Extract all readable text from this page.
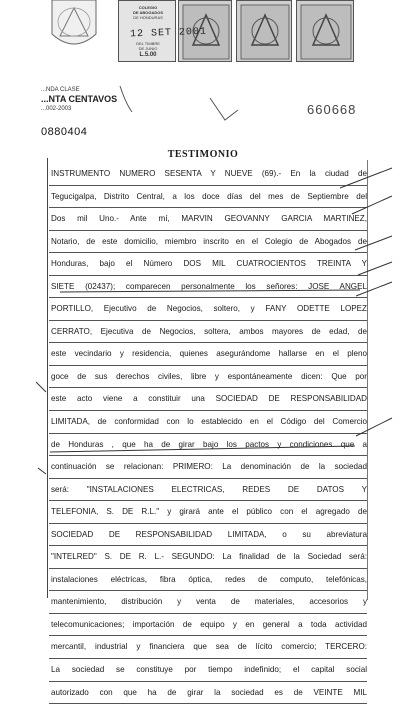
COLEGIO
DE ABOGADOS
DE HONDURAS
DEL TIMBRE
DE JUNIO
L.5.00
12 SET 2001
...NDA CLASE
...NTA CENTAVOS
...002-2003
0880404
660668
TESTIMONIO
INSTRUMENTO NUMERO SESENTA Y NUEVE (69).- En la ciudad de
Tegucigalpa, Distrito Central, a los doce días del mes de Septiembre del
Dos mil Uno.- Ante mí, MARVIN GEOVANNY GARCIA MARTINEZ,
Notario, de este domicilio, miembro inscrito en el Colegio de Abogados de
Honduras, bajo el Número DOS MIL CUATROCIENTOS TREINTA Y
SIETE (02437); comparecen personalmente los señores: JOSE ANGEL
PORTILLO, Ejecutivo de Negocios, soltero, y FANY ODETTE LOPEZ
CERRATO, Ejecutiva de Negocios, soltera, ambos mayores de edad, de
este vecindario y residencia, quienes asegurándome hallarse en el pleno
goce de sus derechos civiles, libre y espontáneamente dicen: Que por
este acto viene a constituir una SOCIEDAD DE RESPONSABILIDAD
LIMITADA, de conformidad con lo establecido en el Código del Comercio
de Honduras , que ha de girar bajo los pactos y condiciones que a
continuación se relacionan: PRIMERO: La denominación de la sociedad
será: "INSTALACIONES ELECTRICAS, REDES DE DATOS Y
TELEFONIA, S. DE R.L." y girará ante el público con el agregado de
SOCIEDAD DE RESPONSABILIDAD LIMITADA, o su abreviatura
"INTELRED" S. DE R. L.- SEGUNDO: La finalidad de la Sociedad será:
instalaciones eléctricas, fibra óptica, redes de computo, telefónicas,
mantenimiento, distribución y venta de materiales, accesorios y
telecomunicaciones; importación de equipo y en general a toda actividad
mercantil, industrial y financiera que sea de lícito comercio; TERCERO:
La sociedad se constituye por tiempo indefinido; el capital social
autorizado con que ha de girar la sociedad es de VEINTE MIL
